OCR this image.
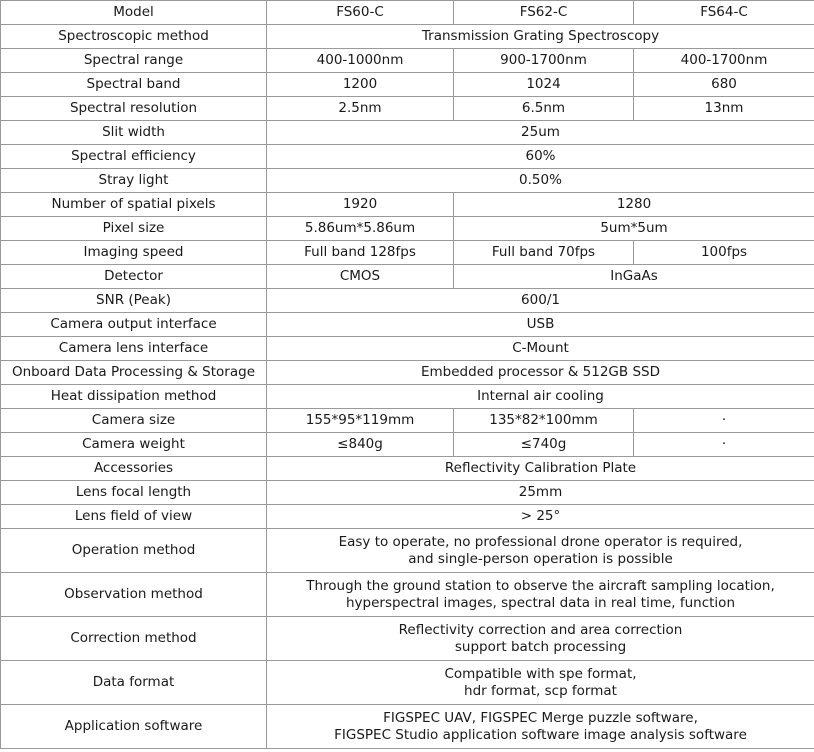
Model	FS60-C	FS62-C	FS64-C
Spectroscopic method	Transmission Grating Spectroscopy		
Spectral range	400-1000nm	900-1700nm	400-1700nm
Spectral band	1200	1024	680
Spectral resolution	2.5nm	6.5nm	13nm
Slit width	25um		
Spectral efficiency	60%		
Stray light	0.50%		
Number of spatial pixels	1920	1280	
Pixel size	5.86um*5.86um	5um*5um	
Imaging speed	Full band 128fps	Full band 70fps	100fps
Detector	CMOS	InGaAs	
SNR (Peak)	600/1		
Camera output interface	USB		
Camera lens interface	C-Mount		
Onboard Data Processing & Storage	Embedded processor & 512GB SSD		
Heat dissipation method	Internal air cooling		
Camera size	155*95*119mm	135*82*100mm	·
Camera weight	≤840g	≤740g	·
Accessories	Reflectivity Calibration Plate		
Lens focal length	25mm		
Lens field of view	> 25°		
Operation method	Easy to operate, no professional drone operator is required,
and single-person operation is possible		

Observation method	Through the ground station to observe the aircraft sampling location,
hyperspectral images, spectral data in real time, function		

Correction method	Reflectivity correction and area correction
support batch processing		

Data format	Compatible with spe format,
hdr format, scp format		

Application software	FIGSPEC UAV, FIGSPEC Merge puzzle software,
FIGSPEC Studio application software image analysis software		
